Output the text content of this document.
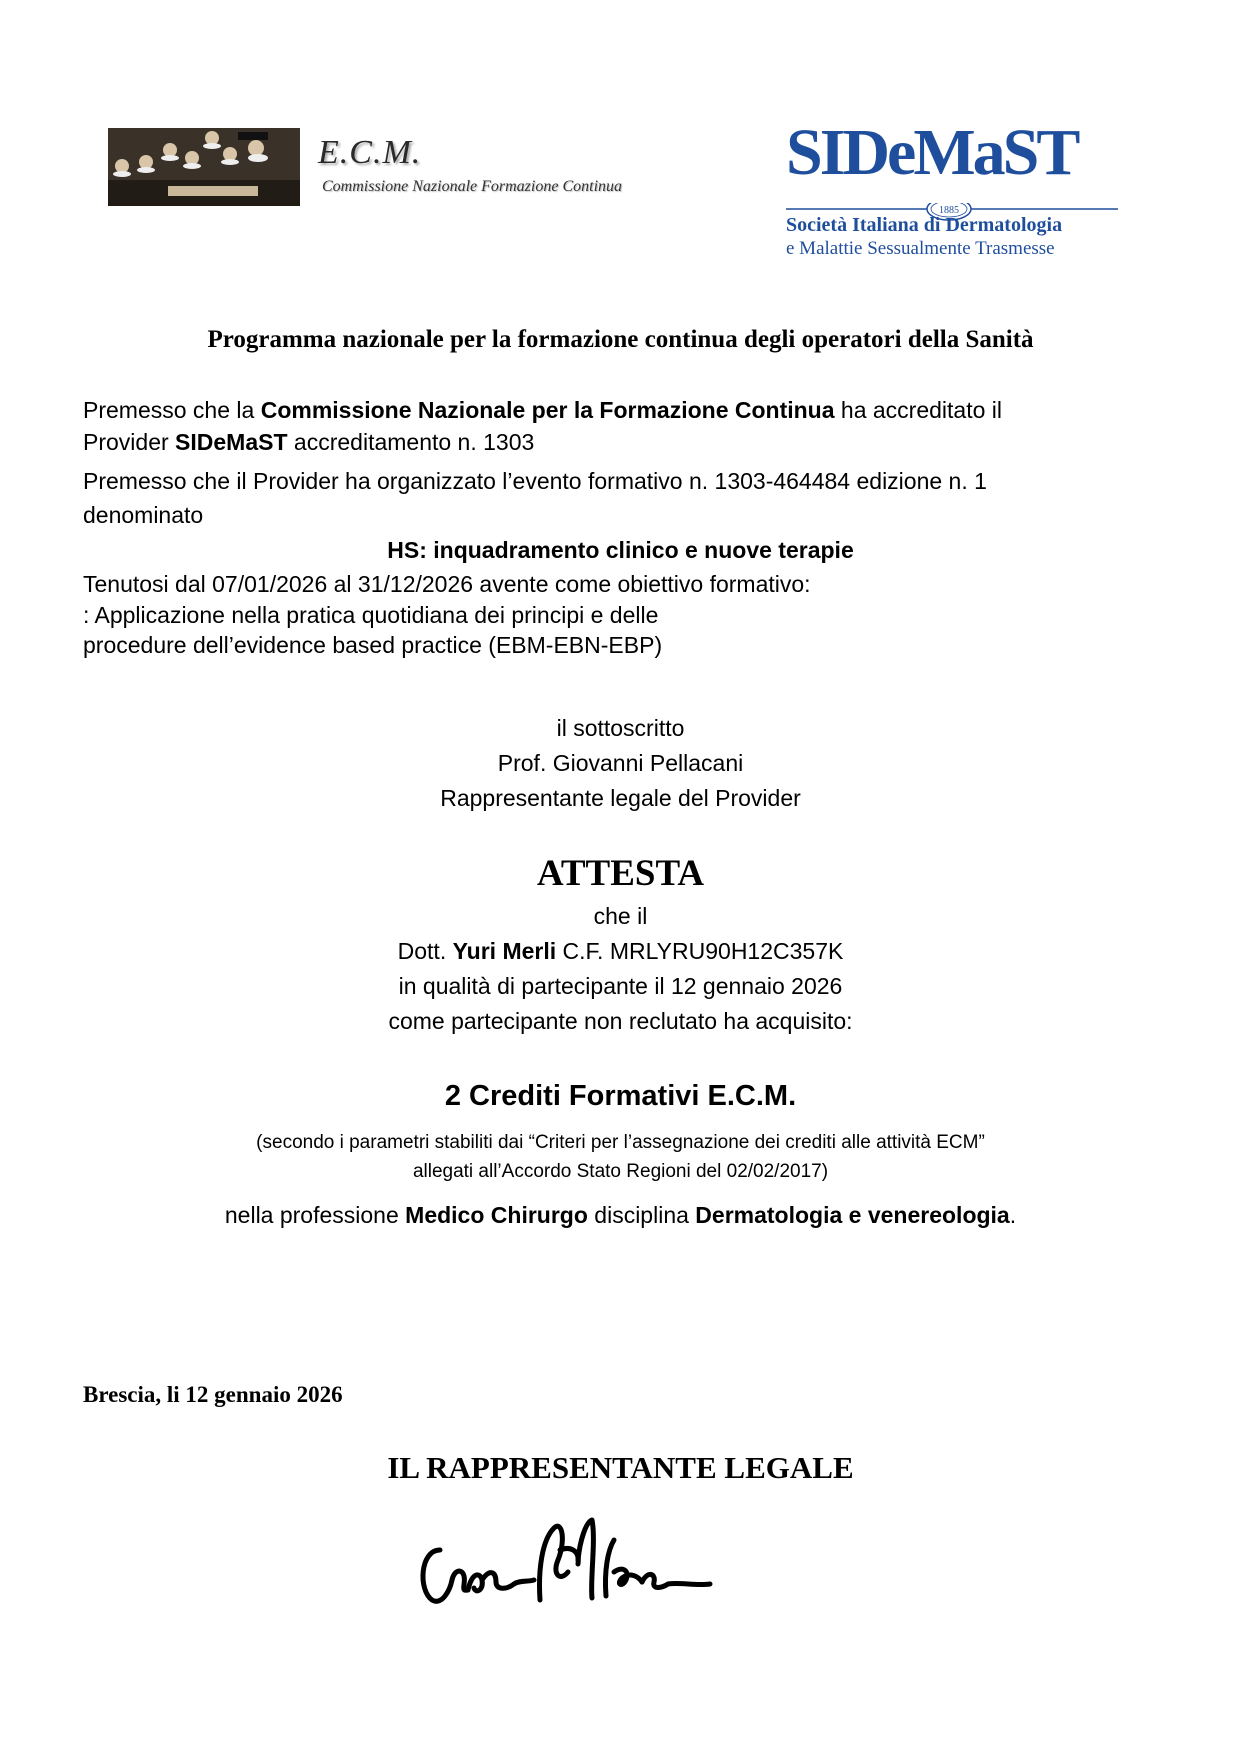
E.C.M.
Commissione Nazionale Formazione Continua SIDeMaST
1885
Società Italiana di Dermatologia
e Malattie Sessualmente Trasmesse
Programma nazionale per la formazione continua degli operatori della Sanità
Premesso che la Commissione Nazionale per la Formazione Continua ha accreditato il
Provider SIDeMaST accreditamento n. 1303
Premesso che il Provider ha organizzato l’evento formativo n. 1303-464484 edizione n. 1
denominato
HS: inquadramento clinico e nuove terapie
Tenutosi dal 07/01/2026 al 31/12/2026 avente come obiettivo formativo:
: Applicazione nella pratica quotidiana dei principi e delle
procedure dell’evidence based practice (EBM-EBN-EBP)
il sottoscritto
Prof. Giovanni Pellacani
Rappresentante legale del Provider
ATTESTA
che il
Dott. Yuri Merli C.F. MRLYRU90H12C357K
in qualità di partecipante il 12 gennaio 2026
come partecipante non reclutato ha acquisito:
2 Crediti Formativi E.C.M.
(secondo i parametri stabiliti dai “Criteri per l’assegnazione dei crediti alle attività ECM”
allegati all’Accordo Stato Regioni del 02/02/2017)
nella professione Medico Chirurgo disciplina Dermatologia e venereologia.
Brescia, li 12 gennaio 2026
IL RAPPRESENTANTE LEGALE
